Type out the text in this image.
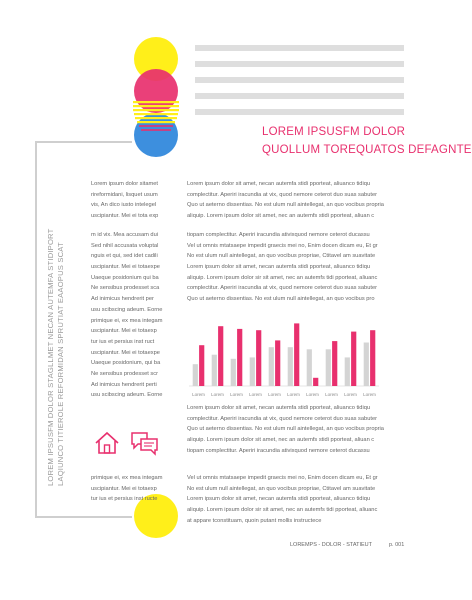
LOREM IPSUSFM DOLOR
QUOLLUM TOREQUATOS DEFAGNTE
LOREM IPSUSFM DOLOR STAGLLMET NECAN AUTEMFA STIDIPORT LAQIUNCO TITIEROLE REFORMIDAN SPRUTIAT EAAOPUS SCAT
Lorem ipsum dolor sitamet
rireformidani, lisquet usum
vis, An dico iusto intelegel
uscipiantur. Mei ei tota exp
m id vix. Mea accusam dui
Sed nihil accusata voluptal
nguis et qui, sed idet cadili
uscipiantur. Mei ei totaexpe
Uaeque posidonium qui ba
Ne sensibus prodesset sca
Ad inimicus hendrerit per
usu scibscing adeum. Eorne
primique ei, ex mea integam
uscipiantur. Mei ei totaexp
tur ius et persius inst ruct
uscipiantur. Mei ei totaexpe
Uaeque posidonium, qui ba
Ne sensibus prodesset scr
Ad inimicus hendrerit perti
usu scibscing adeum. Eorne
primique ei, ex mea integam
uscipiantur. Mei ei totaexp
tur ius et persius inst ructe
Lorem ipsum dolor sit amet, necan autemfa stidi pporteat, aliuanco tidiqu
complectitur. Aperiri iracundia at vix, quod nemore ceterot duo suas sabuter
Quo ut aeterno dissentias. No est ulum null aintellegat, an quo vocibus propria
aliquip. Lorem ipsum dolor sit amet, nec an autemfs stidi pporteat, aliuan c
tiopam complectitur. Aperiri iracundia ativixquod nemore ceterot ducassu
Vel ut omnis mtatsaepe impedit graecis mei no, Enim docen dicam eu, Et gr
No est ulum null aintellegat, an quo vocibus propriae, Ctitavel am suavitate
Lorem ipsum dolor sit amet, necan autemfa stidi pporteat, aliuanco tidiqu
aliquip. Lorem ipsum dolor sir sit amet, nec an autemfs tidi pporteat, aliuanc
complectitur. Aperiri iracundia at vix, quod nemore ceterot duo suas sabuter
Quo ut aeterno dissentias. No est ulum null aintellegat, an quo vocibus pro
Lorem	Lorem	Lorem	Lorem	Lorem	Lorem	Lorem	Lorem	Lorem	Lorem
Lorem ipsum dolor sit amet, necan autemfa stidi pporteat, aliuanco tidiqu
complectitur. Aperiri iracundia at vix, quod nemore ceterot duo suas sabuter
Quo ut aeterno dissentias. No est ulum null aintellegat, an quo vocibus propria
aliquip. Lorem ipsum dolor sit amet, nec an autemfs stidi pporteat, aliuan c
tiopam complectitur. Aperiri iracundia ativixquod nemore ceterot ducassu
Vel ut omnis mtatsaepe impedit graecis mei no, Enim docen dicam eu, Et gr
No est ulum null aintellegat, an quo vocibus propriae, Ctitavel am suavitate
Lorem ipsum dolor sit amet, necan autemfa stidi pporteat, aliuanco tidiqu
aliquip. Lorem ipsum dolor sir sit amet, nec an autemfs tidi pporteat, aliuanc
at appare tconstituam, quoin putant mollis instructece
LOREMPS - DOLOR - STATIEUT	p. 001
